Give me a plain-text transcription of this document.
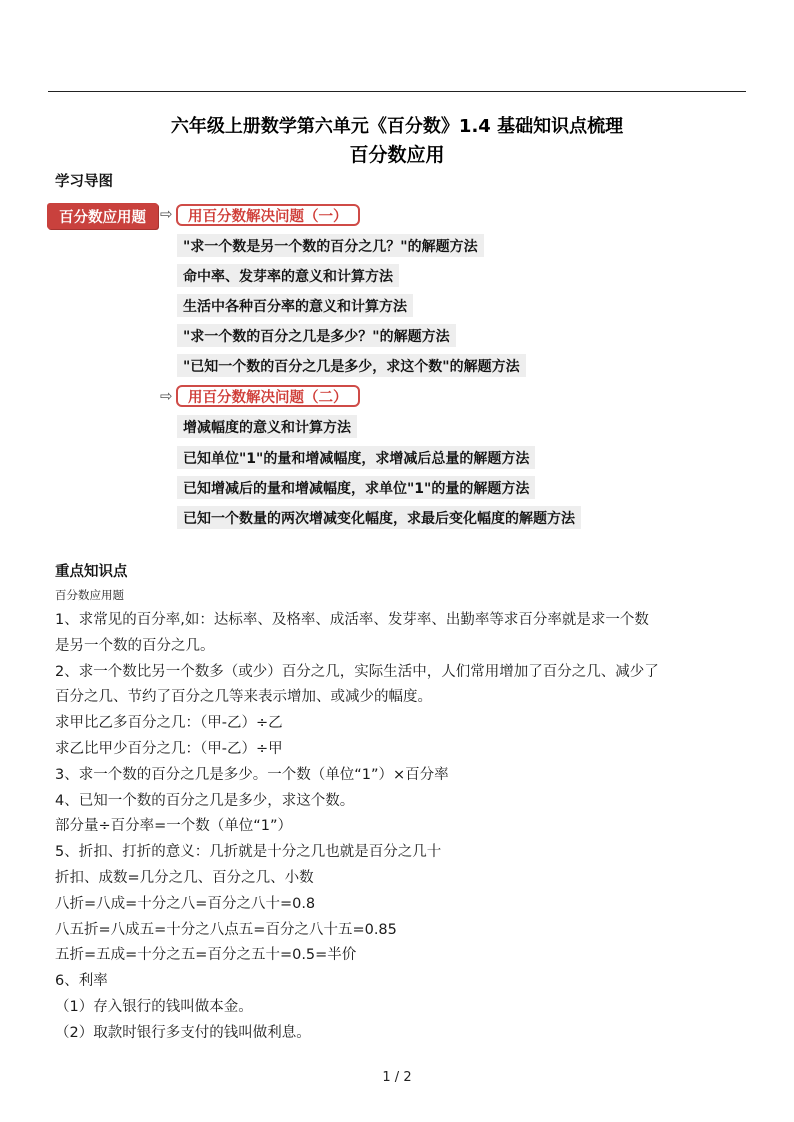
六年级上册数学第六单元《百分数》1.4 基础知识点梳理
百分数应用
学习导图
百分数应用题 ⇨	用百分数解决问题（一）
"求一个数是另一个数的百分之几？"的解题方法
命中率、发芽率的意义和计算方法
生活中各种百分率的意义和计算方法
"求一个数的百分之几是多少？"的解题方法
"已知一个数的百分之几是多少，求这个数"的解题方法
⇨	用百分数解决问题（二）
增减幅度的意义和计算方法
已知单位"1"的量和增减幅度，求增减后总量的解题方法
已知增减后的量和增减幅度，求单位"1"的量的解题方法
已知一个数量的两次增减变化幅度，求最后变化幅度的解题方法
重点知识点
百分数应用题
1、求常见的百分率,如：达标率、及格率、成活率、发芽率、出勤率等求百分率就是求一个数
是另一个数的百分之几。
2、求一个数比另一个数多（或少）百分之几，实际生活中，人们常用增加了百分之几、减少了
百分之几、节约了百分之几等来表示增加、或减少的幅度。
求甲比乙多百分之几：（甲-乙）÷乙
求乙比甲少百分之几：（甲-乙）÷甲
3、求一个数的百分之几是多少。一个数（单位“1”）×百分率
4、已知一个数的百分之几是多少，求这个数。
部分量÷百分率=一个数（单位“1”）
5、折扣、打折的意义：几折就是十分之几也就是百分之几十
折扣、成数=几分之几、百分之几、小数
八折=八成=十分之八=百分之八十=0.8
八五折=八成五=十分之八点五=百分之八十五=0.85
五折=五成=十分之五=百分之五十=0.5=半价
6、利率
（1）存入银行的钱叫做本金。
（2）取款时银行多支付的钱叫做利息。
1 / 2
